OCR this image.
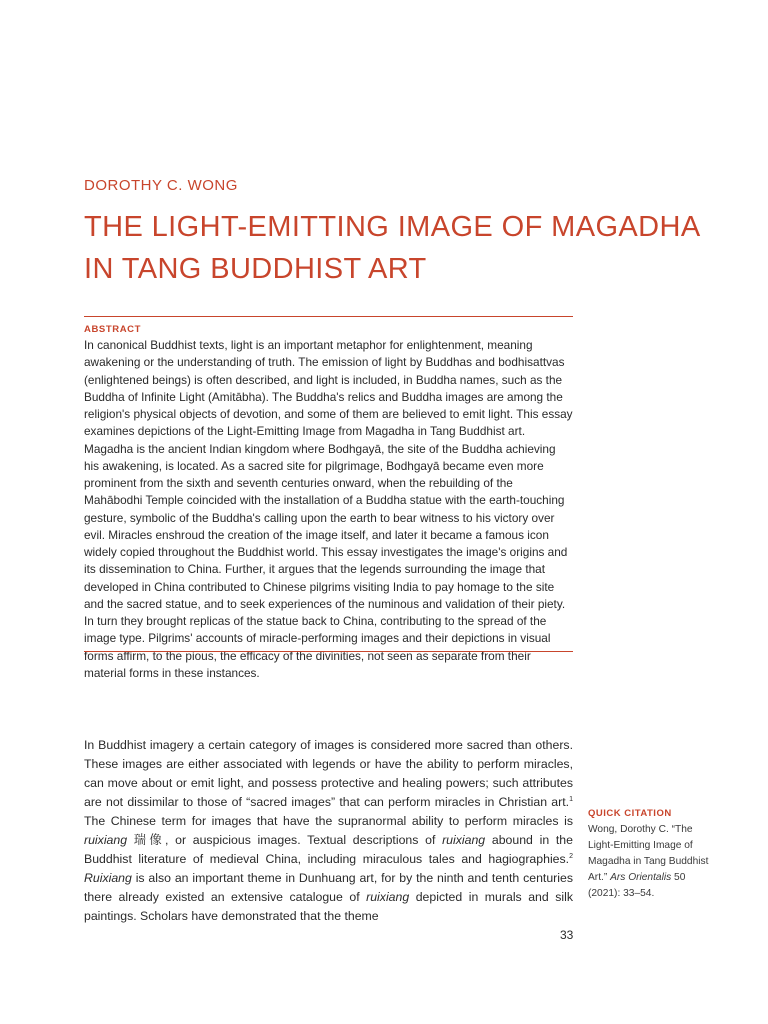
DOROTHY C. WONG
THE LIGHT-EMITTING IMAGE OF MAGADHA IN TANG BUDDHIST ART
ABSTRACT

In canonical Buddhist texts, light is an important metaphor for enlightenment, meaning awakening or the understanding of truth. The emission of light by Buddhas and bodhisattvas (enlightened beings) is often described, and light is included, in Buddha names, such as the Buddha of Infinite Light (Amitābha). The Buddha's relics and Buddha images are among the religion's physical objects of devotion, and some of them are believed to emit light. This essay examines depictions of the Light-Emitting Image from Magadha in Tang Buddhist art. Magadha is the ancient Indian kingdom where Bodhgayā, the site of the Buddha achieving his awakening, is located. As a sacred site for pilgrimage, Bodhgayā became even more prominent from the sixth and seventh centuries onward, when the rebuilding of the Mahābodhi Temple coincided with the installation of a Buddha statue with the earth-touching gesture, symbolic of the Buddha's calling upon the earth to bear witness to his victory over evil. Miracles enshroud the creation of the image itself, and later it became a famous icon widely copied throughout the Buddhist world. This essay investigates the image's origins and its dissemination to China. Further, it argues that the legends surrounding the image that developed in China contributed to Chinese pilgrims visiting India to pay homage to the site and the sacred statue, and to seek experiences of the numinous and validation of their piety. In turn they brought replicas of the statue back to China, contributing to the spread of the image type. Pilgrims' accounts of miracle-performing images and their depictions in visual forms affirm, to the pious, the efficacy of the divinities, not seen as separate from their material forms in these instances.

In Buddhist imagery a certain category of images is considered more sacred than others. These images are either associated with legends or have the ability to perform miracles, can move about or emit light, and possess protective and healing powers; such attributes are not dissimilar to those of “sacred images” that can perform miracles in Christian art.$^1$ The Chinese term for images that have the supranormal ability to perform miracles is ruixiang 瑞像, or auspicious images. Textual descriptions of ruixiang abound in the Buddhist literature of medieval China, including miraculous tales and hagiographies.$^2$ Ruixiang is also an important theme in Dunhuang art, for by the ninth and tenth centuries there already existed an extensive catalogue of ruixiang depicted in murals and silk paintings. Scholars have demonstrated that the theme

QUICK CITATION

Wong, Dorothy C. “The Light-Emitting Image of Magadha in Tang Buddhist Art.” Ars Orientalis 50 (2021): 33–54.

33
